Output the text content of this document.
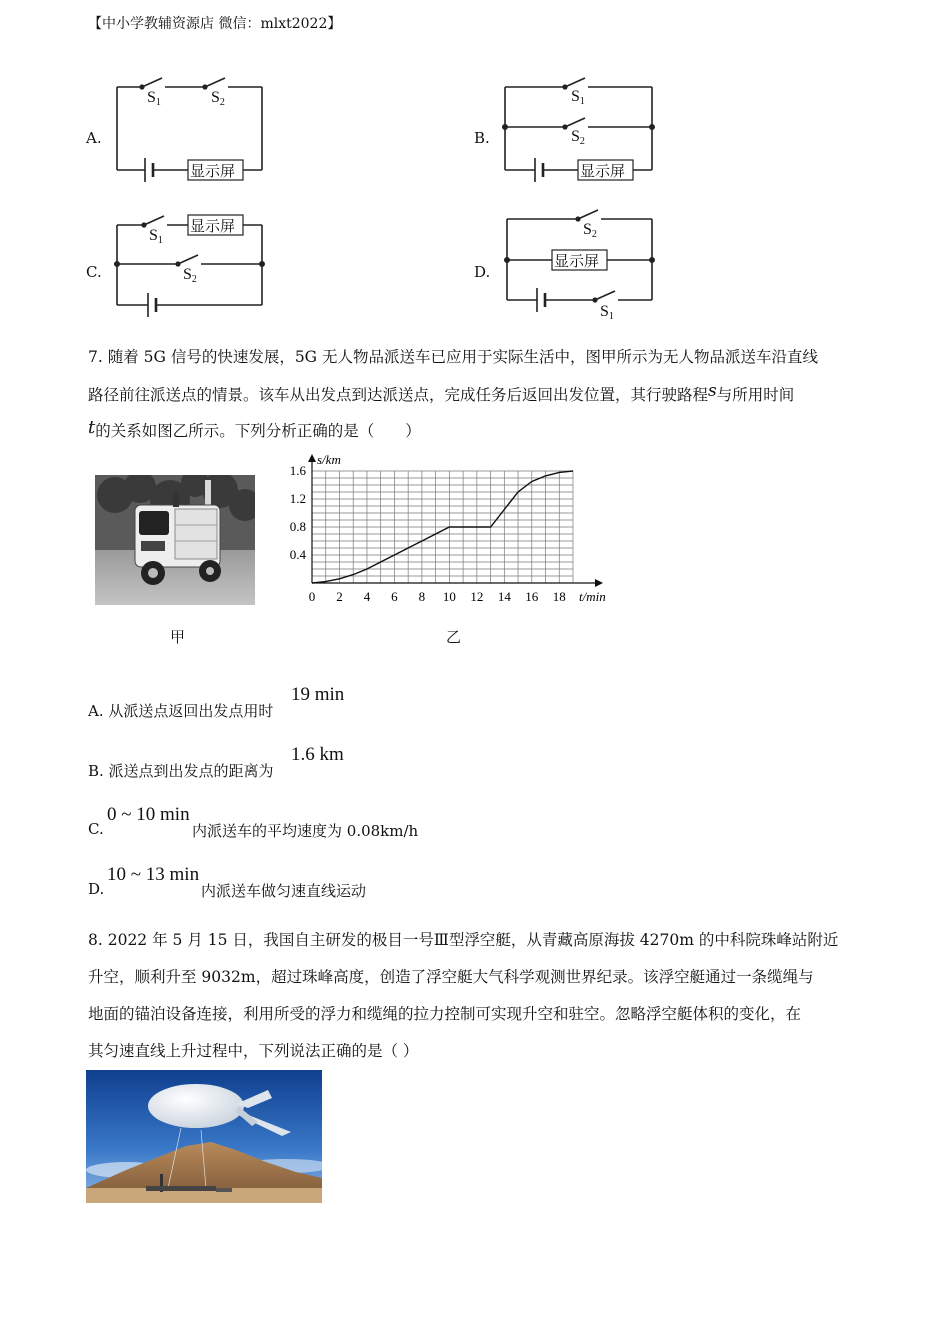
【中小学教辅资源店 微信：mlxt2022】
A.	B.
C.	D.
S1	S2
显示屏
S1
S2
显示屏
S1
显示屏
S2
S2
显示屏
S1
7. 随着 5G 信号的快速发展，5G 无人物品派送车已应用于实际生活中，图甲所示为无人物品派送车沿直线
路径前往派送点的情景。该车从出发点到达派送点，完成任务后返回出发位置，其行驶路程s与所用时间
t的关系如图乙所示。下列分析正确的是（　　）
0 2 4 6 8 10 12 14 16 18
0.4
0.8
1.2
1.6
s/km
t/min
甲	乙
A. 从派送点返回出发点用时
19 min
B. 派送点到出发点的距离为
1.6 km
C.
0 ~ 10 min
内派送车的平均速度为 0.08km/h
D.
10 ~ 13 min
内派送车做匀速直线运动
8. 2022 年 5 月 15 日，我国自主研发的极目一号Ⅲ型浮空艇，从青藏高原海拔 4270m 的中科院珠峰站附近
升空，顺利升至 9032m，超过珠峰高度，创造了浮空艇大气科学观测世界纪录。该浮空艇通过一条缆绳与
地面的锚泊设备连接，利用所受的浮力和缆绳的拉力控制可实现升空和驻空。忽略浮空艇体积的变化，在
其匀速直线上升过程中，下列说法正确的是（ ）
